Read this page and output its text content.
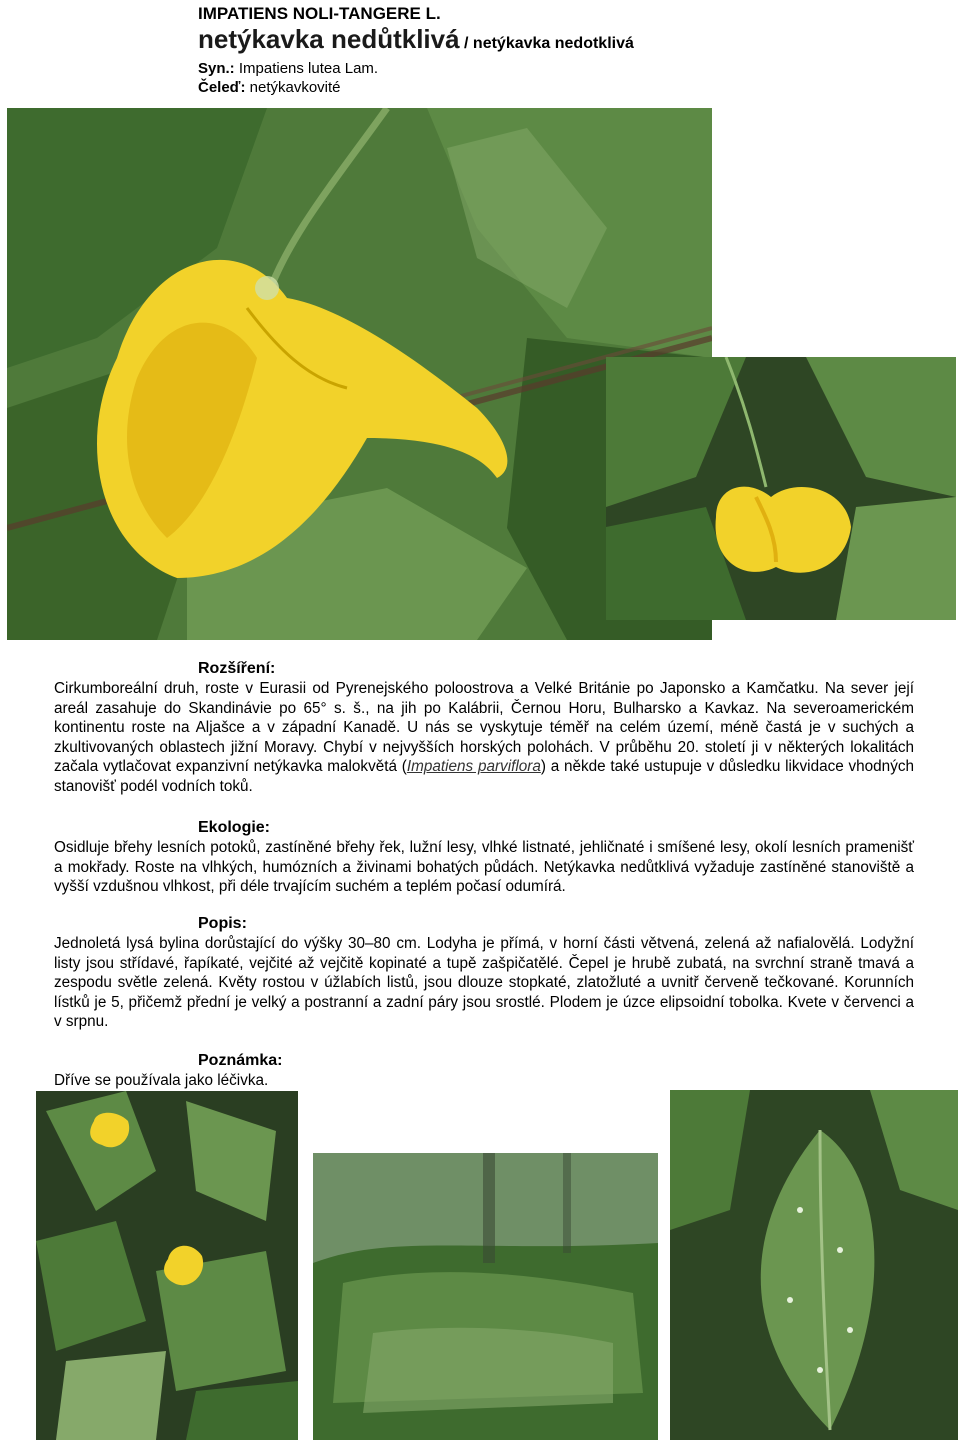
IMPATIENS NOLI-TANGERE L.
netýkavka nedůtklivá / netýkavka nedotklivá
Syn.: Impatiens lutea Lam.
Čeleď: netýkavkovité
Rozšíření:

Cirkumboreální druh, roste v Eurasii od Pyrenejského poloostrova a Velké Británie po Japonsko a Kamčatku. Na sever její areál zasahuje do Skandinávie po 65° s. š., na jih po Kalábrii, Černou Horu, Bulharsko a Kavkaz. Na severoamerickém kontinentu roste na Aljašce a v západní Kanadě. U nás se vyskytuje téměř na celém území, méně častá je v suchých a zkultivovaných oblastech jižní Moravy. Chybí v nejvyšších horských polohách. V průběhu 20. století ji v některých lokalitách začala vytlačovat expanzivní netýkavka malokvětá (Impatiens parviflora) a někde také ustupuje v důsledku likvidace vhodných stanovišť podél vodních toků.

Ekologie:

Osidluje břehy lesních potoků, zastíněné břehy řek, lužní lesy, vlhké listnaté, jehličnaté i smíšené lesy, okolí lesních pramenišť a mokřady. Roste na vlhkých, humózních a živinami bohatých půdách. Netýkavka nedůtklivá vyžaduje zastíněné stanoviště a vyšší vzdušnou vlhkost, při déle trvajícím suchém a teplém počasí odumírá.

Popis:

Jednoletá lysá bylina dorůstající do výšky 30–80 cm. Lodyha je přímá, v horní části větvená, zelená až nafialovělá. Lodyžní listy jsou střídavé, řapíkaté, vejčité až vejčitě kopinaté a tupě zašpičatělé. Čepel je hrubě zubatá, na svrchní straně tmavá a zespodu světle zelená. Květy rostou v úžlabích listů, jsou dlouze stopkaté, zlatožluté a uvnitř červeně tečkované. Korunních lístků je 5, přičemž přední je velký a postranní a zadní páry jsou srostlé. Plodem je úzce elipsoidní tobolka. Kvete v červenci a v srpnu.

Poznámka:

Dříve se používala jako léčivka.
